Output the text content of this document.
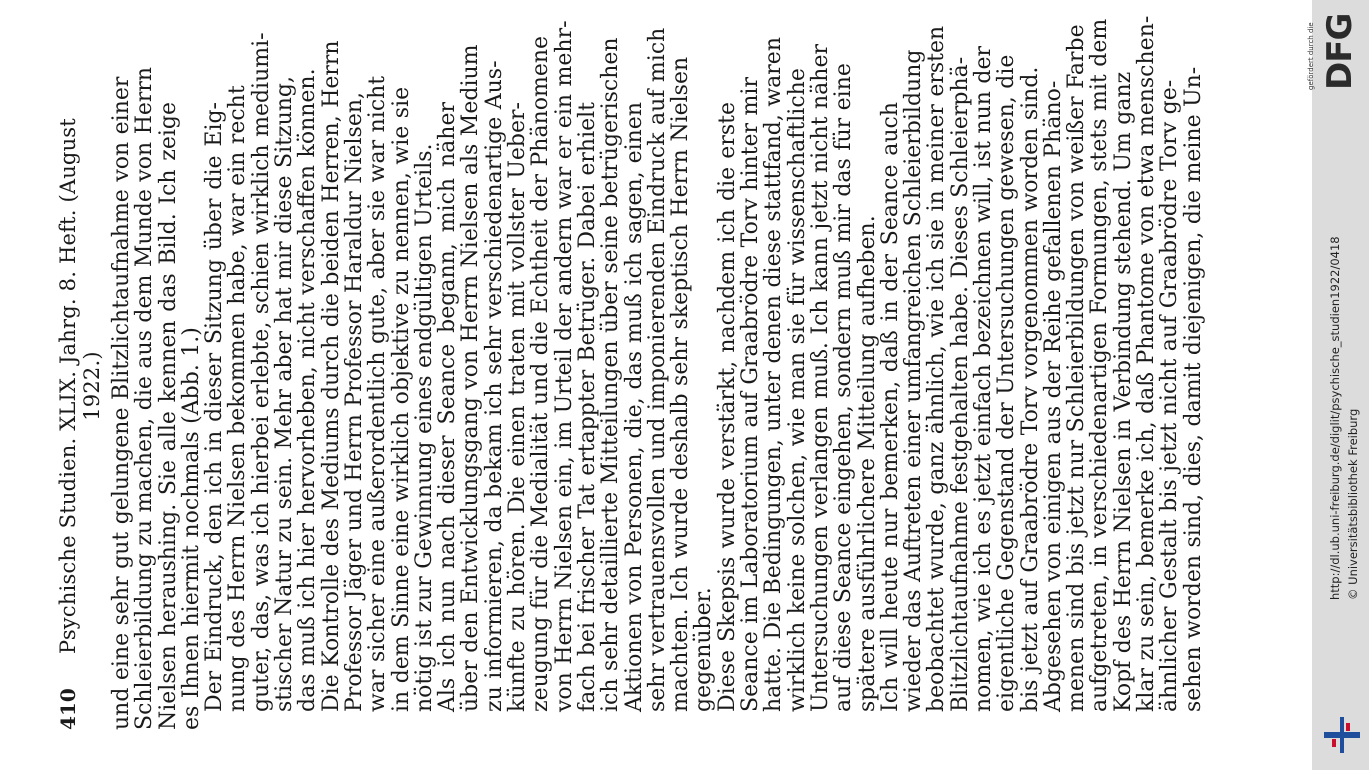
410
Psychische Studien. XLIX. Jahrg. 8. Heft. (August 1922.) und eine sehr gut gelungene Blitzlichtaufnahme von einer
Schleierbildung zu machen, die aus dem Munde von Herrn
Nielsen heraushing. Sie alle kennen das Bild. Ich zeige
es Ihnen hiermit nochmals (Abb. 1.)

Der Eindruck, den ich in dieser Sitzung über die Eig-
nung des Herrn Nielsen bekommen habe, war ein recht
guter, das, was ich hierbei erlebte, schien wirklich mediumi-
stischer Natur zu sein. Mehr aber hat mir diese Sitzung,
das muß ich hier hervorheben, nicht verschaffen können.
Die Kontrolle des Mediums durch die beiden Herren, Herrn
Professor Jäger und Herrn Professor Haraldur Nielsen,
war sicher eine außerordentlich gute, aber sie war nicht
in dem Sinne eine wirklich objektive zu nennen, wie sie
nötig ist zur Gewinnung eines endgültigen Urteils.

Als ich nun nach dieser Seance begann, mich näher
über den Entwicklungsgang von Herrn Nielsen als Medium
zu informieren, da bekam ich sehr verschiedenartige Aus-
künfte zu hören. Die einen traten mit vollster Ueber-
zeugung für die Medialität und die Echtheit der Phänomene
von Herrn Nielsen ein, im Urteil der andern war er ein mehr-
fach bei frischer Tat ertappter Betrüger. Dabei erhielt
ich sehr detaillierte Mitteilungen über seine betrügerischen
Aktionen von Personen, die, das muß ich sagen, einen
sehr vertrauensvollen und imponierenden Eindruck auf mich
machten. Ich wurde deshalb sehr skeptisch Herrn Nielsen
gegenüber.

Diese Skepsis wurde verstärkt, nachdem ich die erste
Seance im Laboratorium auf Graabrödre Torv hinter mir
hatte. Die Bedingungen, unter denen diese stattfand, waren
wirklich keine solchen, wie man sie für wissenschaftliche
Untersuchungen verlangen muß. Ich kann jetzt nicht näher
auf diese Seance eingehen, sondern muß mir das für eine
spätere ausführlichere Mitteilung aufheben.

Ich will heute nur bemerken, daß in der Seance auch
wieder das Auftreten einer umfangreichen Schleierbildung
beobachtet wurde, ganz ähnlich, wie ich sie in meiner ersten
Blitzlichtaufnahme festgehalten habe. Dieses Schleierphä-
nomen, wie ich es jetzt einfach bezeichnen will, ist nun der
eigentliche Gegenstand der Untersuchungen gewesen, die
bis jetzt auf Graabrödre Torv vorgenommen worden sind.
Abgesehen von einigen aus der Reihe gefallenen Phäno-
menen sind bis jetzt nur Schleierbildungen von weißer Farbe
aufgetreten, in verschiedenartigen Formungen, stets mit dem
Kopf des Herrn Nielsen in Verbindung stehend. Um ganz
klar zu sein, bemerke ich, daß Phantome von etwa menschen-
ähnlicher Gestalt bis jetzt nicht auf Graabrödre Torv ge-
sehen worden sind, dies, damit diejenigen, die meine Un-

gefördert durch die DFG
http://dl.ub.uni-freiburg.de/diglit/psychische_studien1922/0418 © Universitätsbibliothek Freiburg
